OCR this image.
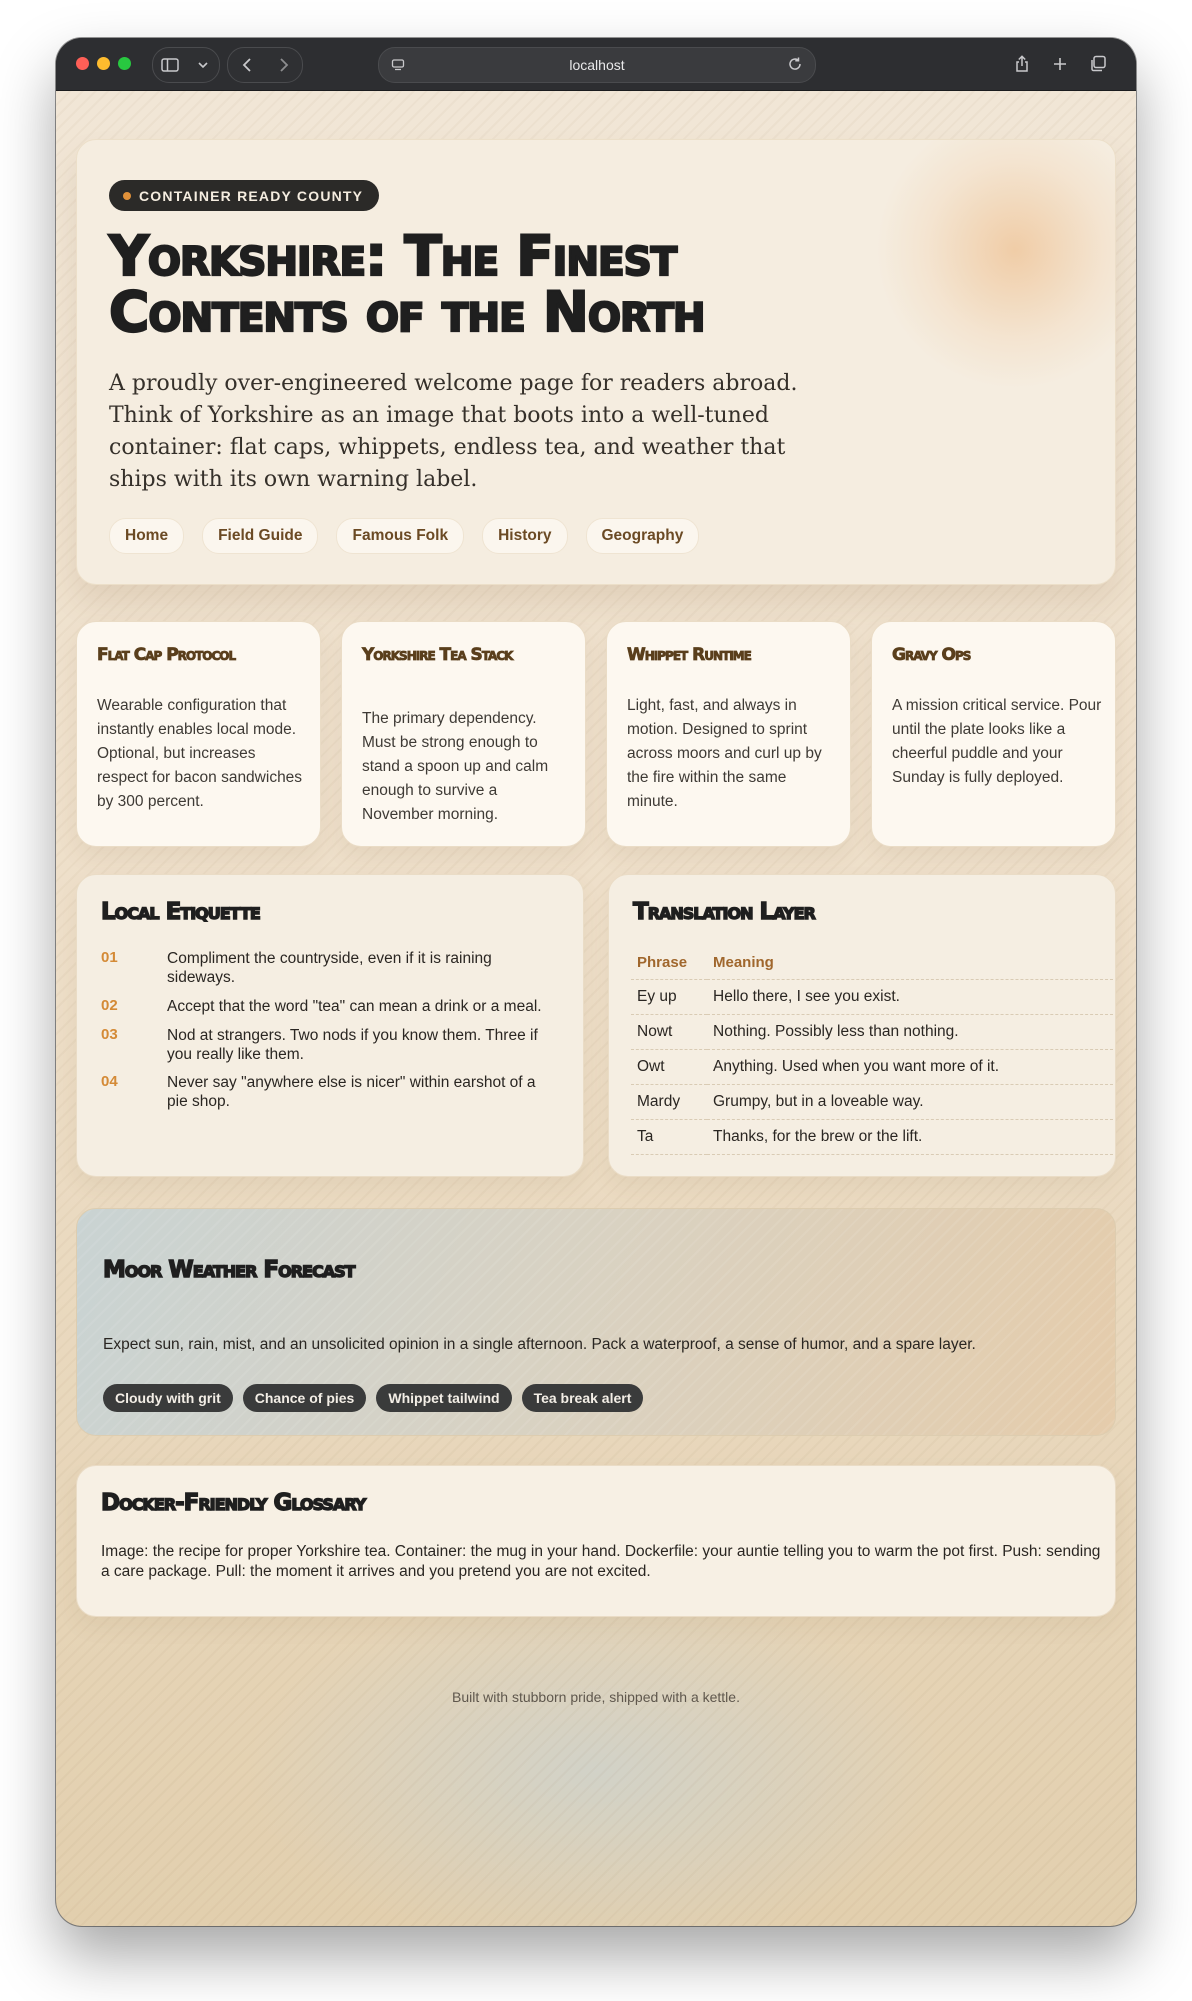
localhost
CONTAINER READY COUNTY
Yorkshire: The Finest Contents of the North

A proudly over-engineered welcome page for readers abroad. Think of Yorkshire as an image that boots into a well-tuned container: flat caps, whippets, endless tea, and weather that ships with its own warning label.

Home	Field Guide	Famous Folk	History	Geography
Flat Cap Protocol

Wearable configuration that instantly enables local mode. Optional, but increases respect for bacon sandwiches by 300 percent.

Yorkshire Tea Stack

The primary dependency. Must be strong enough to stand a spoon up and calm enough to survive a November morning.

Whippet Runtime

Light, fast, and always in motion. Designed to sprint across moors and curl up by the fire within the same minute.

Gravy Ops

A mission critical service. Pour until the plate looks like a cheerful puddle and your Sunday is fully deployed.

Local Etiquette
01	Compliment the countryside, even if it is raining sideways.
02	Accept that the word "tea" can mean a drink or a meal.
03	Nod at strangers. Two nods if you know them. Three if you really like them.
04	Never say "anywhere else is nicer" within earshot of a pie shop.
Translation Layer
Phrase	Meaning
Ey up	Hello there, I see you exist.
Nowt	Nothing. Possibly less than nothing.
Owt	Anything. Used when you want more of it.
Mardy	Grumpy, but in a loveable way.
Ta	Thanks, for the brew or the lift.
Moor Weather Forecast

Expect sun, rain, mist, and an unsolicited opinion in a single afternoon. Pack a waterproof, a sense of humor, and a spare layer.

Cloudy with grit	Chance of pies	Whippet tailwind	Tea break alert
Docker-Friendly Glossary

Image: the recipe for proper Yorkshire tea. Container: the mug in your hand. Dockerfile: your auntie telling you to warm the pot first. Push: sending a care package. Pull: the moment it arrives and you pretend you are not excited.

Built with stubborn pride, shipped with a kettle.
